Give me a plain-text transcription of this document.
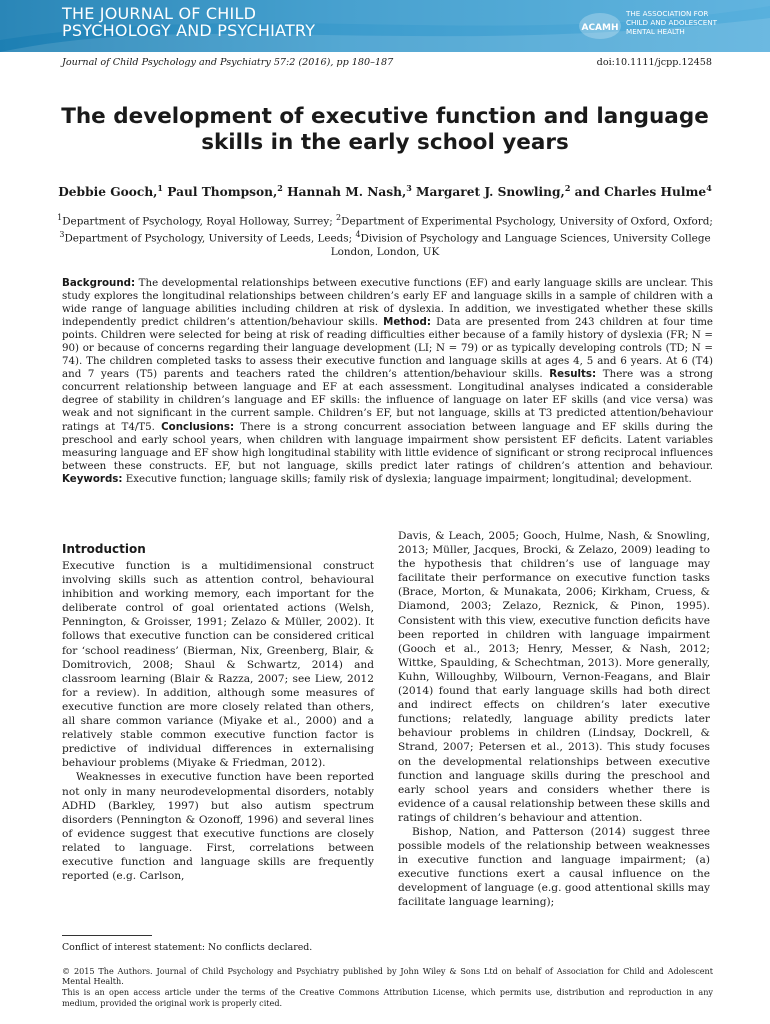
THE JOURNAL OF CHILD
PSYCHOLOGY AND PSYCHIATRY	ACAMH
THE ASSOCIATION FOR
CHILD AND ADOLESCENT
MENTAL HEALTH
Journal of Child Psychology and Psychiatry 57:2 (2016), pp 180–187	doi:10.1111/jcpp.12458
The development of executive function and language skills in the early school years
Debbie Gooch,$^1$ Paul Thompson,$^2$ Hannah M. Nash,$^3$ Margaret J. Snowling,$^2$ and Charles Hulme$^4$
$^1$Department of Psychology, Royal Holloway, Surrey; $^2$Department of Experimental Psychology, University of Oxford, Oxford; $^3$Department of Psychology, University of Leeds, Leeds; $^4$Division of Psychology and Language Sciences, University College London, London, UK

Background: The developmental relationships between executive functions (EF) and early language skills are unclear. This study explores the longitudinal relationships between children’s early EF and language skills in a sample of children with a wide range of language abilities including children at risk of dyslexia. In addition, we investigated whether these skills independently predict children’s attention/behaviour skills. Method: Data are presented from 243 children at four time points. Children were selected for being at risk of reading difficulties either because of a family history of dyslexia (FR; N = 90) or because of concerns regarding their language development (LI; N = 79) or as typically developing controls (TD; N = 74). The children completed tasks to assess their executive function and language skills at ages 4, 5 and 6 years. At 6 (T4) and 7 years (T5) parents and teachers rated the children’s attention/behaviour skills. Results: There was a strong concurrent relationship between language and EF at each assessment. Longitudinal analyses indicated a considerable degree of stability in children’s language and EF skills: the influence of language on later EF skills (and vice versa) was weak and not significant in the current sample. Children’s EF, but not language, skills at T3 predicted attention/behaviour ratings at T4/T5. Conclusions: There is a strong concurrent association between language and EF skills during the preschool and early school years, when children with language impairment show persistent EF deficits. Latent variables measuring language and EF show high longitudinal stability with little evidence of significant or strong reciprocal influences between these constructs. EF, but not language, skills predict later ratings of children’s attention and behaviour. Keywords: Executive function; language skills; family risk of dyslexia; language impairment; longitudinal; development.

Introduction

Executive function is a multidimensional construct involving skills such as attention control, behavioural inhibition and working memory, each important for the deliberate control of goal orientated actions (Welsh, Pennington, & Groisser, 1991; Zelazo & Müller, 2002). It follows that executive function can be considered critical for ‘school readiness’ (Bierman, Nix, Greenberg, Blair, & Domitrovich, 2008; Shaul & Schwartz, 2014) and classroom learning (Blair & Razza, 2007; see Liew, 2012 for a review). In addition, although some measures of executive function are more closely related than others, all share common variance (Miyake et al., 2000) and a relatively stable common executive function factor is predictive of individual differences in externalising behaviour problems (Miyake & Friedman, 2012).

Weaknesses in executive function have been reported not only in many neurodevelopmental disorders, notably ADHD (Barkley, 1997) but also autism spectrum disorders (Pennington & Ozonoff, 1996) and several lines of evidence suggest that executive functions are closely related to language. First, correlations between executive function and language skills are frequently reported (e.g. Carlson,

Davis, & Leach, 2005; Gooch, Hulme, Nash, & Snowling, 2013; Müller, Jacques, Brocki, & Zelazo, 2009) leading to the hypothesis that children’s use of language may facilitate their performance on executive function tasks (Brace, Morton, & Munakata, 2006; Kirkham, Cruess, & Diamond, 2003; Zelazo, Reznick, & Pinon, 1995). Consistent with this view, executive function deficits have been reported in children with language impairment (Gooch et al., 2013; Henry, Messer, & Nash, 2012; Wittke, Spaulding, & Schechtman, 2013). More generally, Kuhn, Willoughby, Wilbourn, Vernon-Feagans, and Blair (2014) found that early language skills had both direct and indirect effects on children’s later executive functions; relatedly, language ability predicts later behaviour problems in children (Lindsay, Dockrell, & Strand, 2007; Petersen et al., 2013). This study focuses on the developmental relationships between executive function and language skills during the preschool and early school years and considers whether there is evidence of a causal relationship between these skills and ratings of children’s behaviour and attention.

Bishop, Nation, and Patterson (2014) suggest three possible models of the relationship between weaknesses in executive function and language impairment; (a) executive functions exert a causal influence on the development of language (e.g. good attentional skills may facilitate language learning);

Conflict of interest statement: No conflicts declared.

© 2015 The Authors. Journal of Child Psychology and Psychiatry published by John Wiley & Sons Ltd on behalf of Association for Child and Adolescent Mental Health.

This is an open access article under the terms of the Creative Commons Attribution License, which permits use, distribution and reproduction in any medium, provided the original work is properly cited.
